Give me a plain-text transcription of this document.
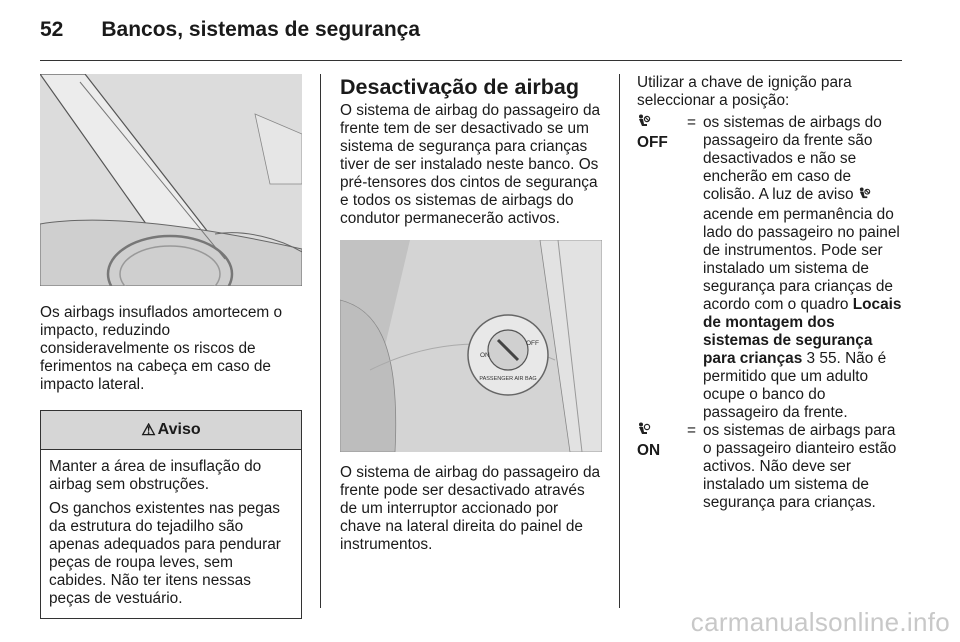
52 Bancos, sistemas de segurança

Os airbags insuflados amortecem o impacto, reduzindo consideravelmente os riscos de ferimentos na cabeça em caso de impacto lateral.

⚠ Aviso

Manter a área de insuflação do airbag sem obstruções.

Os ganchos existentes nas pegas da estrutura do tejadilho são apenas adequados para pendurar peças de roupa leves, sem cabides. Não ter itens nessas peças de vestuário.

Desactivação de airbag

O sistema de airbag do passageiro da frente tem de ser desactivado se um sistema de segurança para crianças tiver de ser instalado neste banco. Os pré-tensores dos cintos de segurança e todos os sistemas de airbags do condutor permanecerão activos.

ON
OFF
PASSENGER AIR BAG

O sistema de airbag do passageiro da frente pode ser desactivado através de um interruptor accionado por chave na lateral direita do painel de instrumentos.

Utilizar a chave de ignição para seleccionar a posição:

OFF
= os sistemas de airbags do passageiro da frente são desactivados e não se encherão em caso de colisão. A luz de aviso  acende em permanência do lado do passageiro no painel de instrumentos. Pode ser instalado um sistema de segurança para crianças de acordo com o quadro Locais de montagem dos sistemas de segurança para crianças 3 55. Não é permitido que um adulto ocupe o banco do passageiro da frente.
ON
= os sistemas de airbags para o passageiro dianteiro estão activos. Não deve ser instalado um sistema de segurança para crianças.
carmanualsonline.info
